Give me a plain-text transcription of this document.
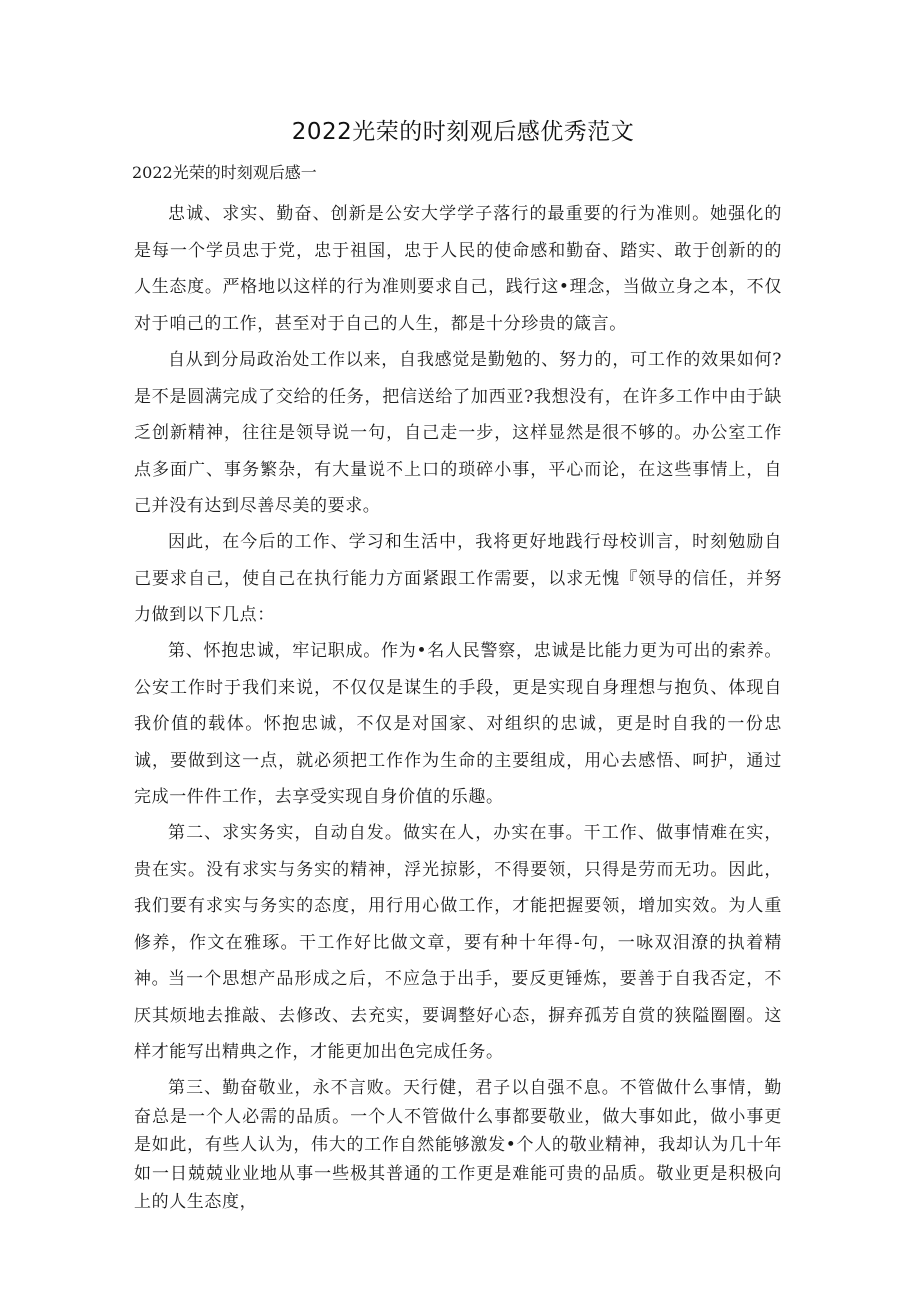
2022光荣的时刻观后感优秀范文

2022光荣的时刻观后感一

忠诚、求实、勤奋、创新是公安大学学子落行的最重要的行为准则。她强化的是每一个学员忠于党，忠于祖国，忠于人民的使命感和勤奋、踏实、敢于创新的的人生态度。严格地以这样的行为准则要求自己，践行这•理念，当做立身之本，不仅对于咱己的工作，甚至对于自己的人生，都是十分珍贵的箴言。

自从到分局政治处工作以来，自我感觉是勤勉的、努力的，可工作的效果如何?是不是圆满完成了交给的任务，把信送给了加西亚?我想没有，在许多工作中由于缺乏创新精神，往往是领导说一句，自己走一步，这样显然是很不够的。办公室工作点多面广、事务繁杂，有大量说不上口的琐碎小事，平心而论，在这些事情上，自己并没有达到尽善尽美的要求。

因此，在今后的工作、学习和生活中，我将更好地践行母校训言，时刻勉励自己要求自己，使自己在执行能力方面紧跟工作需要，以求无愧『领导的信任，并努力做到以下几点：

第、怀抱忠诚，牢记职成。作为•名人民警察，忠诚是比能力更为可出的索养。公安工作时于我们来说，不仅仅是谋生的手段，更是实现自身理想与抱负、体现自我价值的载体。怀抱忠诚，不仅是对国家、对组织的忠诚，更是时自我的一份忠诚，要做到这一点，就必须把工作作为生命的主要组成，用心去感悟、呵护，通过完成一件件工作，去享受实现自身价值的乐趣。

第二、求实务实，自动自发。做实在人，办实在事。干工作、做事情难在实，贵在实。没有求实与务实的精神，浮光掠影，不得要领，只得是劳而无功。因此，我们要有求实与务实的态度，用行用心做工作，才能把握要领，增加实效。为人重修养，作文在雅琢。干工作好比做文章，要有种十年得-句，一咏双泪潦的执着精神。

当一个思想产品形成之后，不应急于出手，要反更锤炼，要善于自我否定，不厌其烦地去推敲、去修改、去充实，要调整好心态，摒弃孤芳自赏的狭隘圈圈。这样才能写出精典之作，才能更加出色完成任务。

第三、勤奋敬业，永不言败。天行健，君子以自强不息。不管做什么事情，勤奋总是一个人必需的品质。一个人不管做什么事都要敬业，做大事如此，做小事更是如此，有些人认为，伟大的工作自然能够激发•个人的敬业精神，我却认为几十年如一日兢兢业业地从事一些极其普通的工作更是难能可贵的品质。敬业更是积极向上的人生态度，
